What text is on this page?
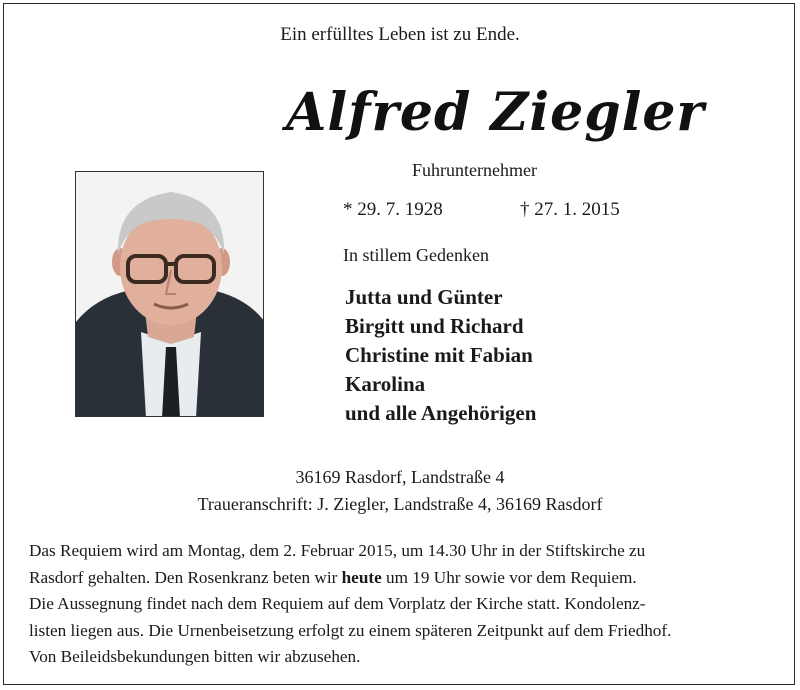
Ein erfülltes Leben ist zu Ende.
Alfred Ziegler
Fuhrunternehmer
* 29. 7. 1928	† 27. 1. 2015
In stillem Gedenken
Jutta und Günter
Birgitt und Richard
Christine mit Fabian
Karolina
und alle Angehörigen
36169 Rasdorf, Landstraße 4
Traueranschrift: J. Ziegler, Landstraße 4, 36169 Rasdorf
Das Requiem wird am Montag, dem 2. Februar 2015, um 14.30 Uhr in der Stiftskirche zu
Rasdorf gehalten. Den Rosenkranz beten wir heute um 19 Uhr sowie vor dem Requiem.
Die Aussegnung findet nach dem Requiem auf dem Vorplatz der Kirche statt. Kondolenz-
listen liegen aus. Die Urnenbeisetzung erfolgt zu einem späteren Zeitpunkt auf dem Friedhof.
Von Beileidsbekundungen bitten wir abzusehen.
